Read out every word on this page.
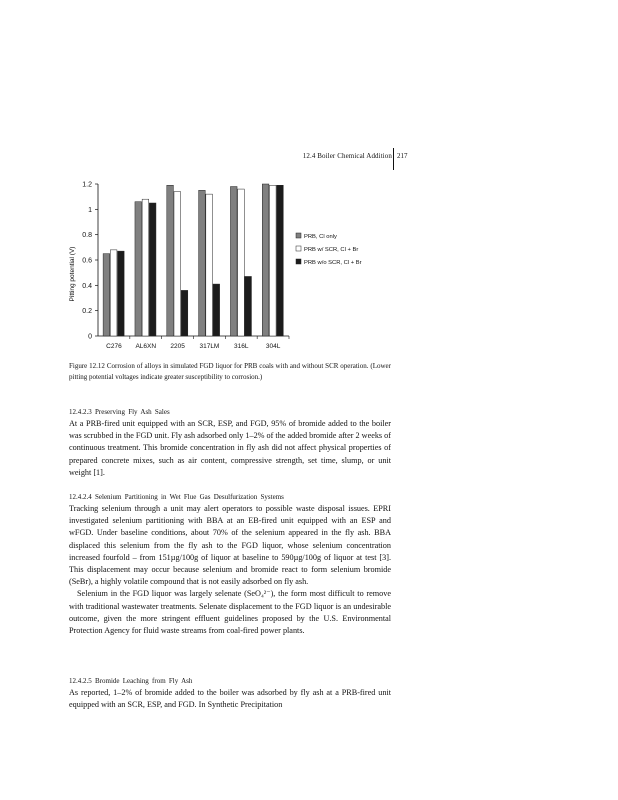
12.4 Boiler Chemical Addition 217
0
0.2
0.4
0.6
0.8
1
1.2
Pitting potential (V)
C276 AL6XN 2205 317LM 316L	304L
PRB, Cl only
PRB w/ SCR, Cl + Br
PRB w/o SCR, Cl + Br
Figure 12.12 Corrosion of alloys in simulated FGD liquor for PRB coals with and without SCR operation. (Lower pitting potential voltages indicate greater susceptibility to corrosion.)
12.4.2.3 Preserving Fly Ash Sales

At a PRB-fired unit equipped with an SCR, ESP, and FGD, 95% of bromide added to the boiler was scrubbed in the FGD unit. Fly ash adsorbed only 1–2% of the added bromide after 2 weeks of continuous treatment. This bromide concentration in fly ash did not affect physical properties of prepared concrete mixes, such as air content, compressive strength, set time, slump, or unit weight [1].

12.4.2.4 Selenium Partitioning in Wet Flue Gas Desulfurization Systems

Tracking selenium through a unit may alert operators to possible waste disposal issues. EPRI investigated selenium partitioning with BBA at an EB-fired unit equipped with an ESP and wFGD. Under baseline conditions, about 70% of the selenium appeared in the fly ash. BBA displaced this selenium from the fly ash to the FGD liquor, whose selenium concentration increased fourfold – from 151µg/100g of liquor at baseline to 590µg/100g of liquor at test [3]. This displacement may occur because selenium and bromide react to form selenium bromide (SeBr), a highly volatile compound that is not easily adsorbed on fly ash.

Selenium in the FGD liquor was largely selenate (SeO₄²⁻), the form most difficult to remove with traditional wastewater treatments. Selenate displacement to the FGD liquor is an undesirable outcome, given the more stringent effluent guidelines proposed by the U.S. Environmental Protection Agency for fluid waste streams from coal-fired power plants.

12.4.2.5 Bromide Leaching from Fly Ash

As reported, 1–2% of bromide added to the boiler was adsorbed by fly ash at a PRB-fired unit equipped with an SCR, ESP, and FGD. In Synthetic Precipitation
